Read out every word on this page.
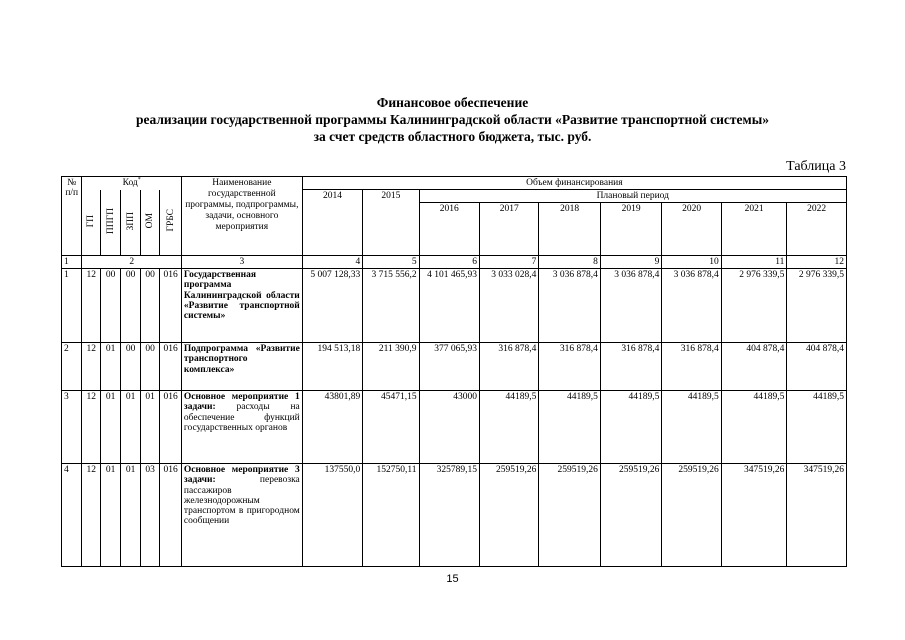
Финансовое обеспечение
реализации государственной программы Калининградской области «Развитие транспортной системы»
за счет средств областного бюджета, тыс. руб.
Таблица 3
№
п/п	Код*					Наименование государственной программы, подпрограммы, задачи, основного мероприятия	Объем финансирования								
	ГП	ППГП	ЗПП	ОМ	ГРБС		2014	2015	Плановый период						
									2016	2017	2018	2019	2020	2021	2022
1	2					3	4	5	6	7	8	9	10	11	12
1	12	00	00	00	016	Государственная программа Калининградской области «Развитие транспортной системы»	5 007 128,33	3 715 556,2	4 101 465,93	3 033 028,4	3 036 878,4	3 036 878,4	3 036 878,4	2 976 339,5	2 976 339,5
2	12	01	00	00	016	Подпрограмма «Развитие транспортного комплекса»	194 513,18	211 390,9	377 065,93	316 878,4	316 878,4	316 878,4	316 878,4	404 878,4	404 878,4
3	12	01	01	01	016	Основное мероприятие 1 задачи: расходы на обеспечение функций государственных органов	43801,89	45471,15	43000	44189,5	44189,5	44189,5	44189,5	44189,5	44189,5
4	12	01	01	03	016	Основное мероприятие 3 задачи: перевозка пассажиров железнодорожным транспортом в пригородном сообщении	137550,0	152750,11	325789,15	259519,26	259519,26	259519,26	259519,26	347519,26	347519,26
15
